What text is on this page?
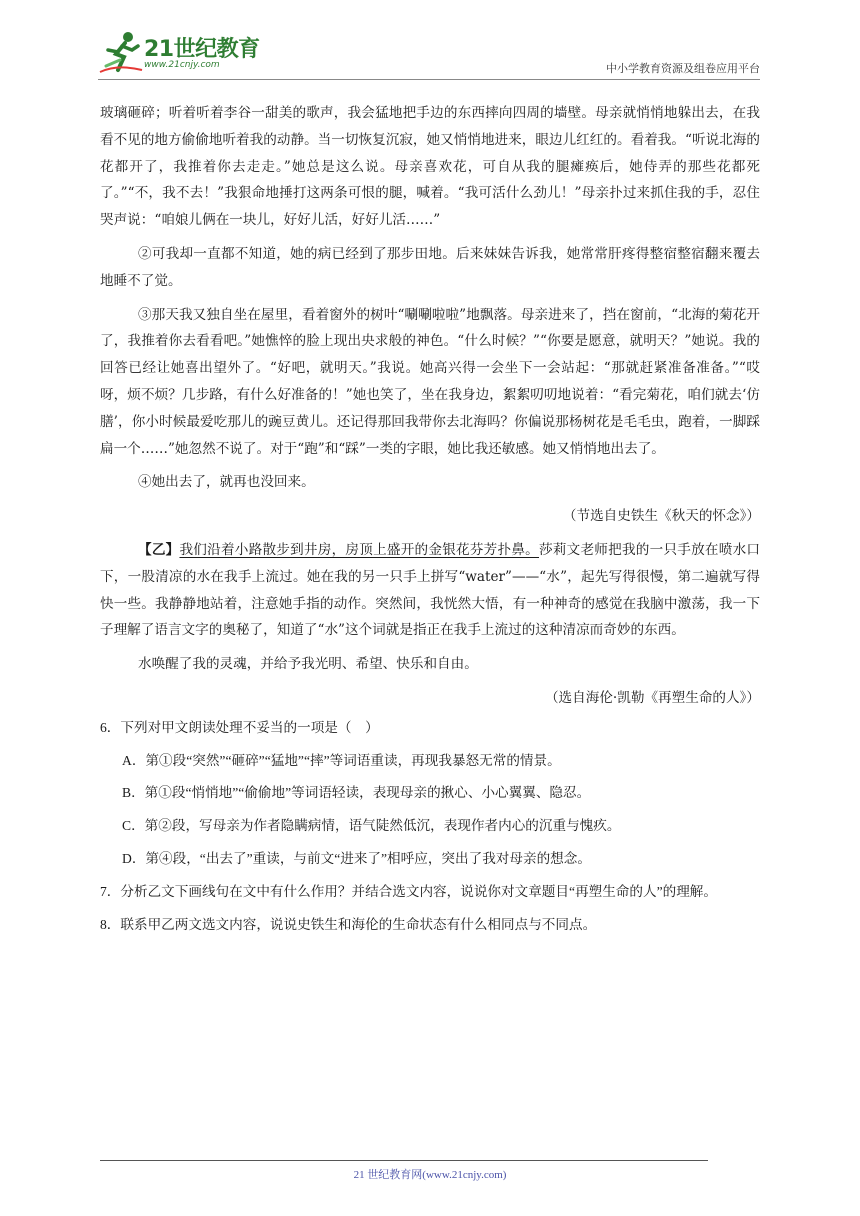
21世纪教育
www.21cnjy.com	中小学教育资源及组卷应用平台

玻璃砸碎；听着听着李谷一甜美的歌声，我会猛地把手边的东西摔向四周的墙壁。母亲就悄悄地躲出去，在我看不见的地方偷偷地听着我的动静。当一切恢复沉寂，她又悄悄地进来，眼边儿红红的。看着我。“听说北海的花都开了，我推着你去走走。”她总是这么说。母亲喜欢花，可自从我的腿瘫痪后，她侍弄的那些花都死了。”“不，我不去！”我狠命地捶打这两条可恨的腿，喊着。“我可活什么劲儿！”母亲扑过来抓住我的手，忍住哭声说：“咱娘儿俩在一块儿，好好儿活，好好儿活……”

②可我却一直都不知道，她的病已经到了那步田地。后来妹妹告诉我，她常常肝疼得整宿整宿翻来覆去地睡不了觉。

③那天我又独自坐在屋里，看着窗外的树叶“唰唰啦啦”地飘落。母亲进来了，挡在窗前，“北海的菊花开了，我推着你去看看吧。”她憔悴的脸上现出央求般的神色。“什么时候？”“你要是愿意，就明天？”她说。我的回答已经让她喜出望外了。“好吧，就明天。”我说。她高兴得一会坐下一会站起：“那就赶紧准备准备。”“哎呀，烦不烦？几步路，有什么好准备的！”她也笑了，坐在我身边，絮絮叨叨地说着：“看完菊花，咱们就去‘仿膳’，你小时候最爱吃那儿的豌豆黄儿。还记得那回我带你去北海吗？你偏说那杨树花是毛毛虫，跑着，一脚踩扁一个……”她忽然不说了。对于“跑”和“踩”一类的字眼，她比我还敏感。她又悄悄地出去了。

④她出去了，就再也没回来。

（节选自史铁生《秋天的怀念》）

【乙】我们沿着小路散步到井房，房顶上盛开的金银花芬芳扑鼻。莎莉文老师把我的一只手放在喷水口下，一股清凉的水在我手上流过。她在我的另一只手上拼写“water”——“水”，起先写得很慢，第二遍就写得快一些。我静静地站着，注意她手指的动作。突然间，我恍然大悟，有一种神奇的感觉在我脑中激荡，我一下子理解了语言文字的奥秘了，知道了“水”这个词就是指正在我手上流过的这种清凉而奇妙的东西。

水唤醒了我的灵魂，并给予我光明、希望、快乐和自由。

（选自海伦·凯勒《再塑生命的人》）

6．下列对甲文朗读处理不妥当的一项是（　）

A．第①段“突然”“砸碎”“猛地”“摔”等词语重读，再现我暴怒无常的情景。

B．第①段“悄悄地”“偷偷地”等词语轻读，表现母亲的揪心、小心翼翼、隐忍。

C．第②段，写母亲为作者隐瞒病情，语气陡然低沉，表现作者内心的沉重与愧疚。

D．第④段，“出去了”重读，与前文“进来了”相呼应，突出了我对母亲的想念。

7．分析乙文下画线句在文中有什么作用？并结合选文内容，说说你对文章题目“再塑生命的人”的理解。

8．联系甲乙两文选文内容，说说史铁生和海伦的生命状态有什么相同点与不同点。

21 世纪教育网(www.21cnjy.com)
